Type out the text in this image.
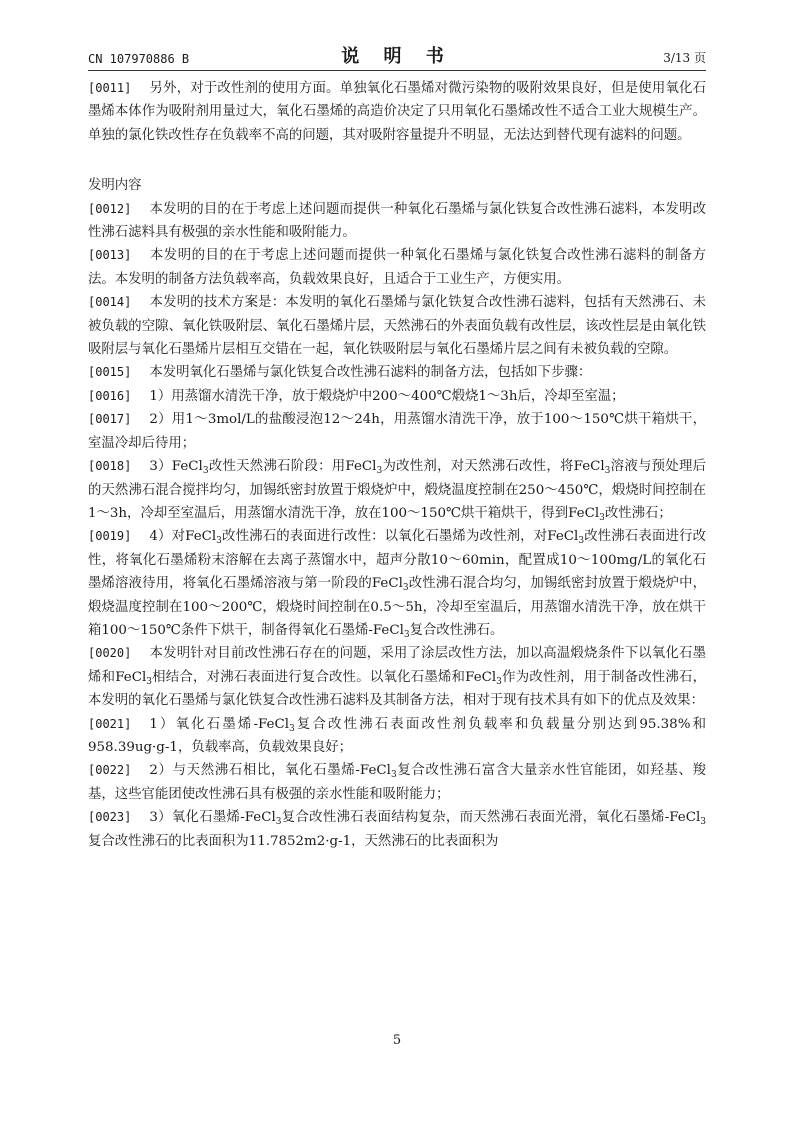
CN 107970886 B	说 明 书	3/13 页

[0011] 另外，对于改性剂的使用方面。单独氧化石墨烯对微污染物的吸附效果良好，但是使用氧化石墨烯本体作为吸附剂用量过大，氧化石墨烯的高造价决定了只用氧化石墨烯改性不适合工业大规模生产。单独的氯化铁改性存在负载率不高的问题，其对吸附容量提升不明显，无法达到替代现有滤料的问题。

发明内容

[0012] 本发明的目的在于考虑上述问题而提供一种氧化石墨烯与氯化铁复合改性沸石滤料，本发明改性沸石滤料具有极强的亲水性能和吸附能力。

[0013] 本发明的目的在于考虑上述问题而提供一种氧化石墨烯与氯化铁复合改性沸石滤料的制备方法。本发明的制备方法负载率高，负载效果良好，且适合于工业生产，方便实用。

[0014] 本发明的技术方案是：本发明的氧化石墨烯与氯化铁复合改性沸石滤料，包括有天然沸石、未被负载的空隙、氧化铁吸附层、氧化石墨烯片层，天然沸石的外表面负载有改性层，该改性层是由氧化铁吸附层与氧化石墨烯片层相互交错在一起，氧化铁吸附层与氧化石墨烯片层之间有未被负载的空隙。

[0015] 本发明氧化石墨烯与氯化铁复合改性沸石滤料的制备方法，包括如下步骤：

[0016] 1）用蒸馏水清洗干净，放于煅烧炉中200～400℃煅烧1～3h后，冷却至室温；

[0017] 2）用1～3mol/L的盐酸浸泡12～24h，用蒸馏水清洗干净，放于100～150℃烘干箱烘干，室温冷却后待用；

[0018] 3）FeCl$_3$改性天然沸石阶段：用FeCl$_3$为改性剂，对天然沸石改性，将FeCl$_3$溶液与预处理后的天然沸石混合搅拌均匀，加锡纸密封放置于煅烧炉中，煅烧温度控制在250～450℃，煅烧时间控制在1～3h，冷却至室温后，用蒸馏水清洗干净，放在100～150℃烘干箱烘干，得到FeCl$_3$改性沸石；

[0019] 4）对FeCl$_3$改性沸石的表面进行改性：以氧化石墨烯为改性剂，对FeCl$_3$改性沸石表面进行改性，将氧化石墨烯粉末溶解在去离子蒸馏水中，超声分散10～60min，配置成10～100mg/L的氧化石墨烯溶液待用，将氧化石墨烯溶液与第一阶段的FeCl$_3$改性沸石混合均匀，加锡纸密封放置于煅烧炉中，煅烧温度控制在100～200℃，煅烧时间控制在0.5～5h，冷却至室温后，用蒸馏水清洗干净，放在烘干箱100～150℃条件下烘干，制备得氧化石墨烯-FeCl$_3$复合改性沸石。

[0020] 本发明针对目前改性沸石存在的问题，采用了涂层改性方法，加以高温煅烧条件下以氧化石墨烯和FeCl$_3$相结合，对沸石表面进行复合改性。以氧化石墨烯和FeCl$_3$作为改性剂，用于制备改性沸石，本发明的氧化石墨烯与氯化铁复合改性沸石滤料及其制备方法，相对于现有技术具有如下的优点及效果：

[0021] 1）氧化石墨烯-FeCl$_3$复合改性沸石表面改性剂负载率和负载量分别达到95.38%和958.39ug·g-1，负载率高，负载效果良好；

[0022] 2）与天然沸石相比，氧化石墨烯-FeCl$_3$复合改性沸石富含大量亲水性官能团，如羟基、羧基，这些官能团使改性沸石具有极强的亲水性能和吸附能力；

[0023] 3）氧化石墨烯-FeCl$_3$复合改性沸石表面结构复杂，而天然沸石表面光滑，氧化石墨烯-FeCl$_3$复合改性沸石的比表面积为11.7852m2·g-1，天然沸石的比表面积为

5
